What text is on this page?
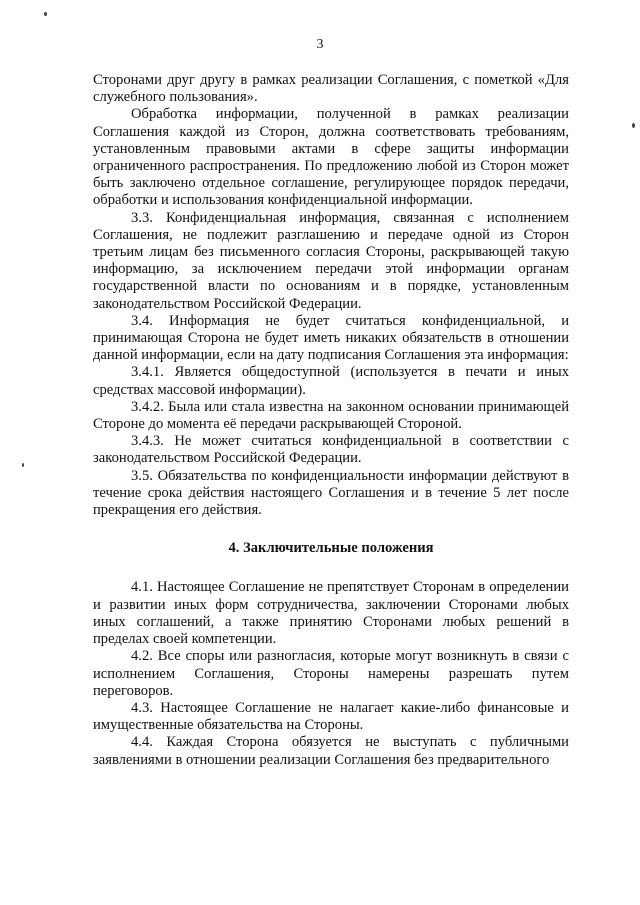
3

Сторонами друг другу в рамках реализации Соглашения, с пометкой «Для служебного пользования».

Обработка информации, полученной в рамках реализации Соглашения каждой из Сторон, должна соответствовать требованиям, установленным правовыми актами в сфере защиты информации ограниченного распространения. По предложению любой из Сторон может быть заключено отдельное соглашение, регулирующее порядок передачи, обработки и использования конфиденциальной информации.

3.3. Конфиденциальная информация, связанная с исполнением Соглашения, не подлежит разглашению и передаче одной из Сторон третьим лицам без письменного согласия Стороны, раскрывающей такую информацию, за исключением передачи этой информации органам государственной власти по основаниям и в порядке, установленным законодательством Российской Федерации.

3.4. Информация не будет считаться конфиденциальной, и принимающая Сторона не будет иметь никаких обязательств в отношении данной информации, если на дату подписания Соглашения эта информация:

3.4.1. Является общедоступной (используется в печати и иных средствах массовой информации).

3.4.2. Была или стала известна на законном основании принимающей Стороне до момента её передачи раскрывающей Стороной.

3.4.3. Не может считаться конфиденциальной в соответствии с законодательством Российской Федерации.

3.5. Обязательства по конфиденциальности информации действуют в течение срока действия настоящего Соглашения и в течение 5 лет после прекращения его действия.

4. Заключительные положения

4.1. Настоящее Соглашение не препятствует Сторонам в определении и развитии иных форм сотрудничества, заключении Сторонами любых иных соглашений, а также принятию Сторонами любых решений в пределах своей компетенции.

4.2. Все споры или разногласия, которые могут возникнуть в связи с исполнением Соглашения, Стороны намерены разрешать путем переговоров.

4.3. Настоящее Соглашение не налагает какие-либо финансовые и имущественные обязательства на Стороны.

4.4. Каждая Сторона обязуется не выступать с публичными заявлениями в отношении реализации Соглашения без предварительного
